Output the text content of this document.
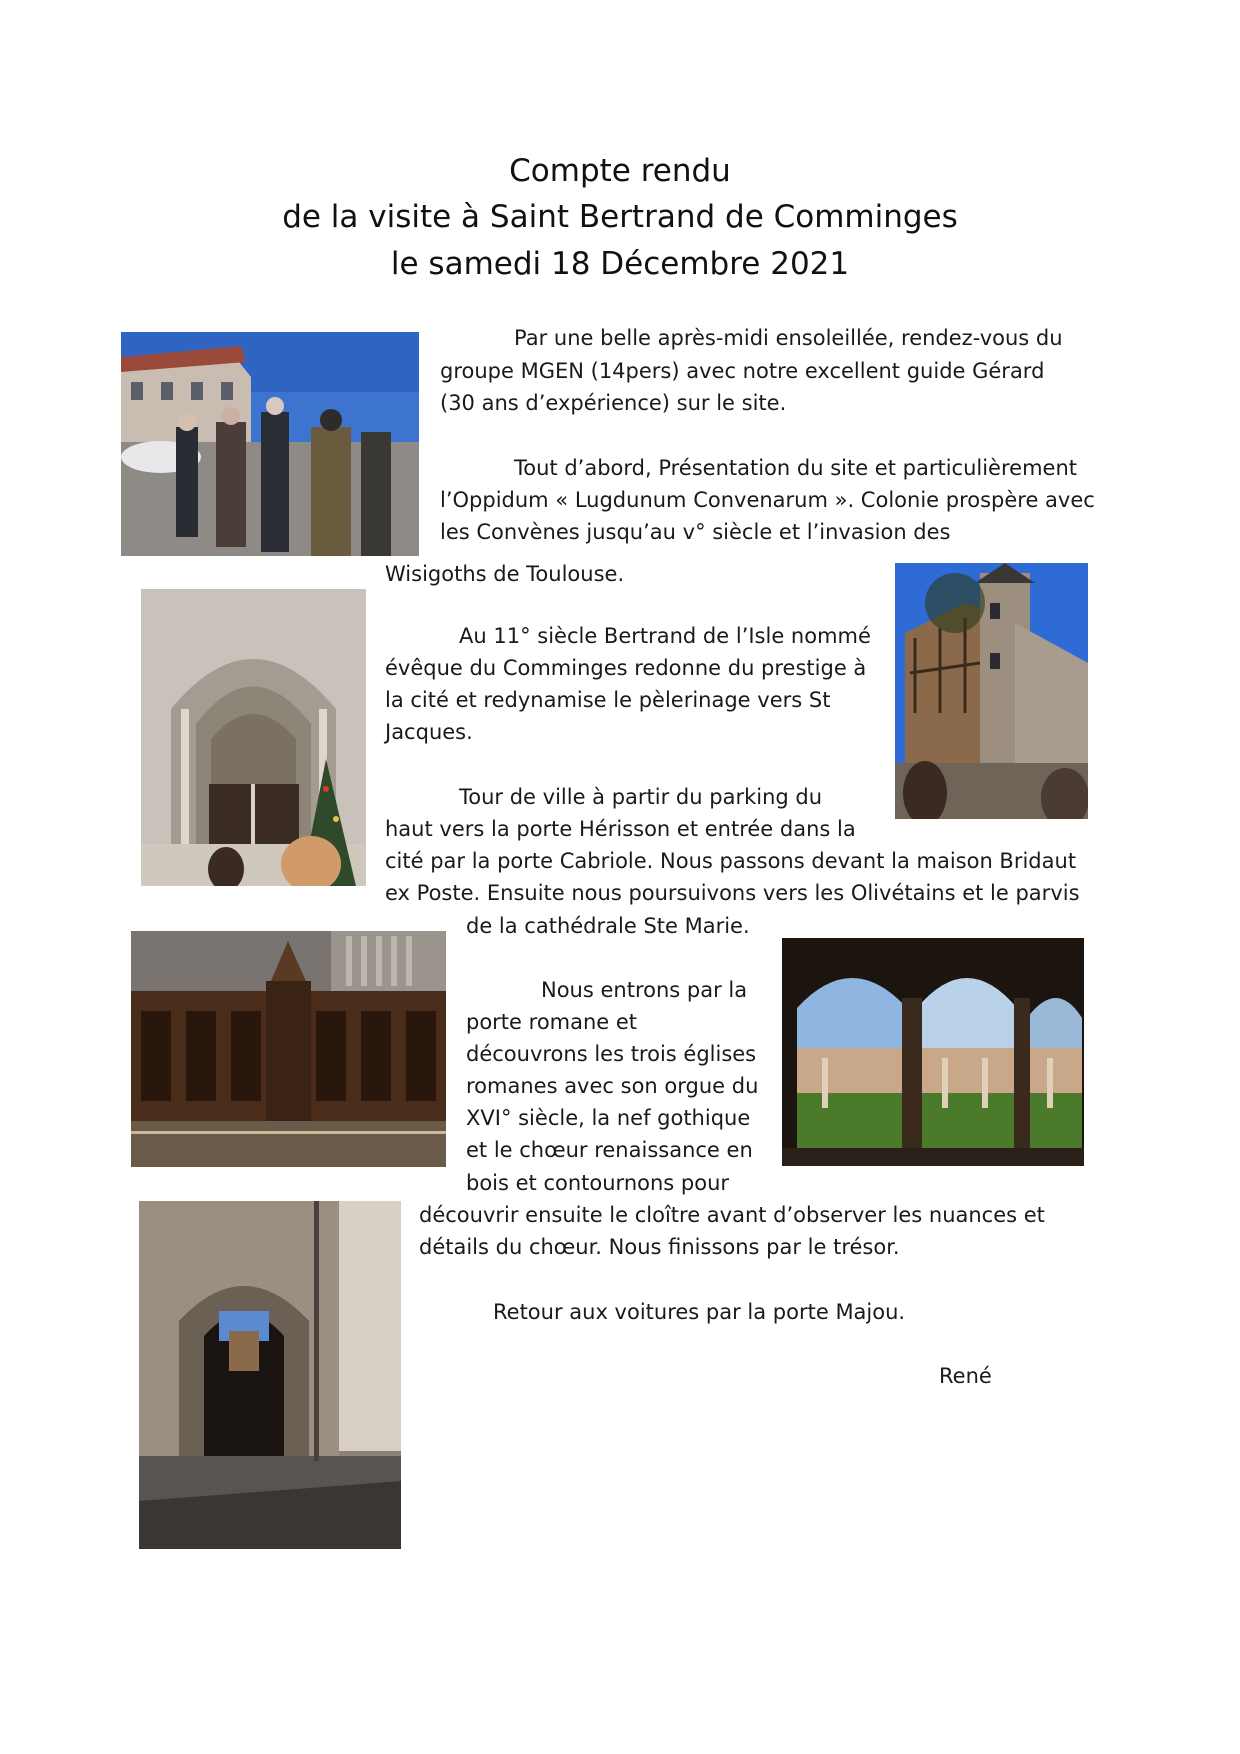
Compte rendu
de la visite à Saint Bertrand de Comminges
le samedi 18 Décembre 2021
Par une belle après-midi ensoleillée, rendez-vous du
groupe MGEN (14pers) avec notre excellent guide Gérard
(30 ans d’expérience) sur le site.
Tout d’abord, Présentation du site et particulièrement
l’Oppidum « Lugdunum Convenarum ». Colonie prospère avec
les Convènes jusqu’au v° siècle et l’invasion des
Wisigoths de Toulouse.
Au 11° siècle Bertrand de l’Isle nommé
évêque du Comminges redonne du prestige à
la cité et redynamise le pèlerinage vers St
Jacques.
Tour de ville à partir du parking du
haut vers la porte Hérisson et entrée dans la
cité par la porte Cabriole. Nous passons devant la maison Bridaut
ex Poste. Ensuite nous poursuivons vers les Olivétains et le parvis
de la cathédrale Ste Marie.
Nous entrons par la
porte romane et
découvrons les trois églises
romanes avec son orgue du
XVI° siècle, la nef gothique
et le chœur renaissance en
bois et contournons pour
découvrir ensuite le cloître avant d’observer les nuances et
détails du chœur. Nous finissons par le trésor.
Retour aux voitures par la porte Majou.
René
